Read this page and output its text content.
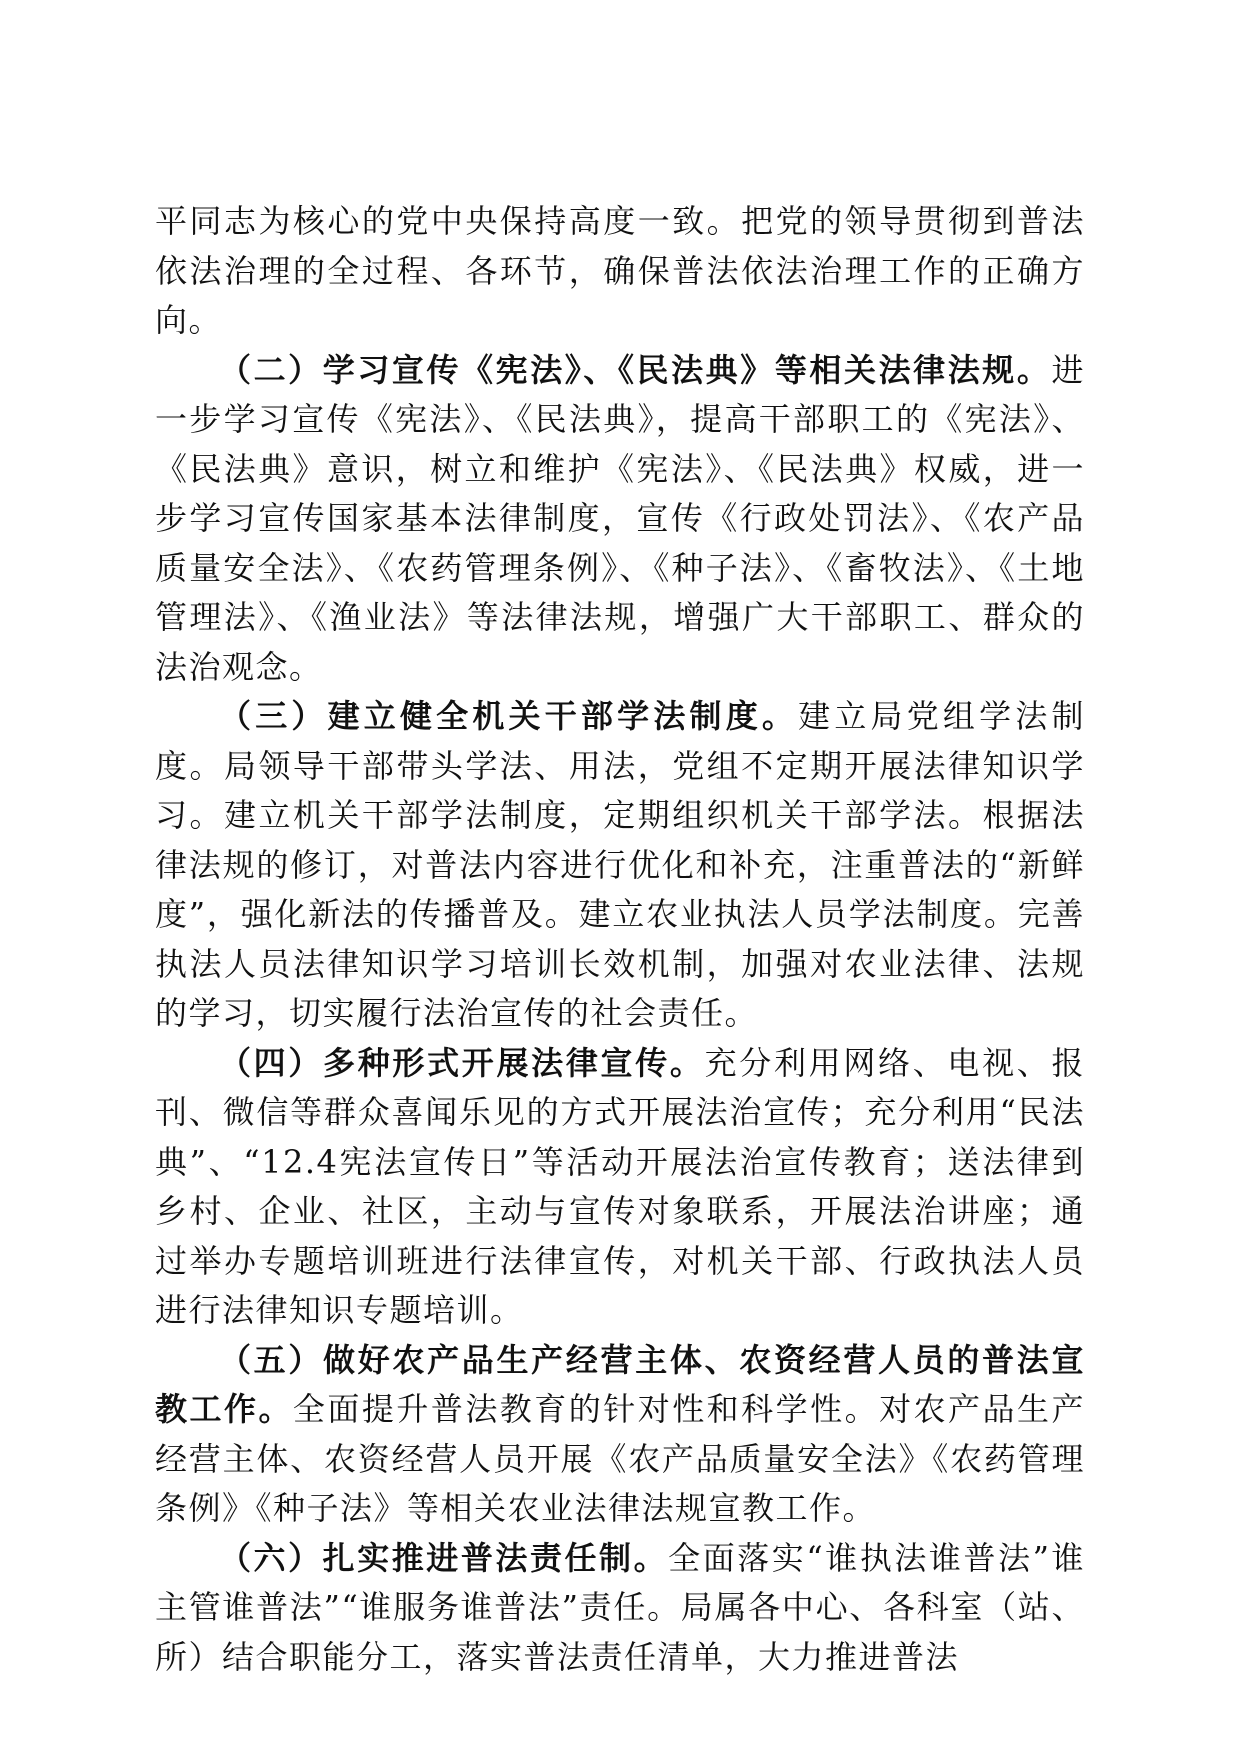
平同志为核心的党中央保持高度一致。把党的领导贯彻到普法依法治理的全过程、各环节，确保普法依法治理工作的正确方向。

（二）学习宣传《宪法》、《民法典》等相关法律法规。进一步学习宣传《宪法》、《民法典》，提高干部职工的《宪法》、《民法典》意识，树立和维护《宪法》、《民法典》权威，进一步学习宣传国家基本法律制度，宣传《行政处罚法》、《农产品质量安全法》、《农药管理条例》、《种子法》、《畜牧法》、《土地管理法》、《渔业法》等法律法规，增强广大干部职工、群众的法治观念。

（三）建立健全机关干部学法制度。建立局党组学法制度。局领导干部带头学法、用法，党组不定期开展法律知识学习。建立机关干部学法制度，定期组织机关干部学法。根据法律法规的修订，对普法内容进行优化和补充，注重普法的“新鲜度”，强化新法的传播普及。建立农业执法人员学法制度。完善执法人员法律知识学习培训长效机制，加强对农业法律、法规的学习，切实履行法治宣传的社会责任。

（四）多种形式开展法律宣传。充分利用网络、电视、报刊、微信等群众喜闻乐见的方式开展法治宣传；充分利用“民法典”、“12.4宪法宣传日”等活动开展法治宣传教育；送法律到乡村、企业、社区，主动与宣传对象联系，开展法治讲座；通过举办专题培训班进行法律宣传，对机关干部、行政执法人员进行法律知识专题培训。

（五）做好农产品生产经营主体、农资经营人员的普法宣教工作。全面提升普法教育的针对性和科学性。对农产品生产经营主体、农资经营人员开展《农产品质量安全法》《农药管理条例》《种子法》等相关农业法律法规宣教工作。

（六）扎实推进普法责任制。全面落实“谁执法谁普法”谁主管谁普法”“谁服务谁普法”责任。局属各中心、各科室（站、所）结合职能分工，落实普法责任清单，大力推进普法
